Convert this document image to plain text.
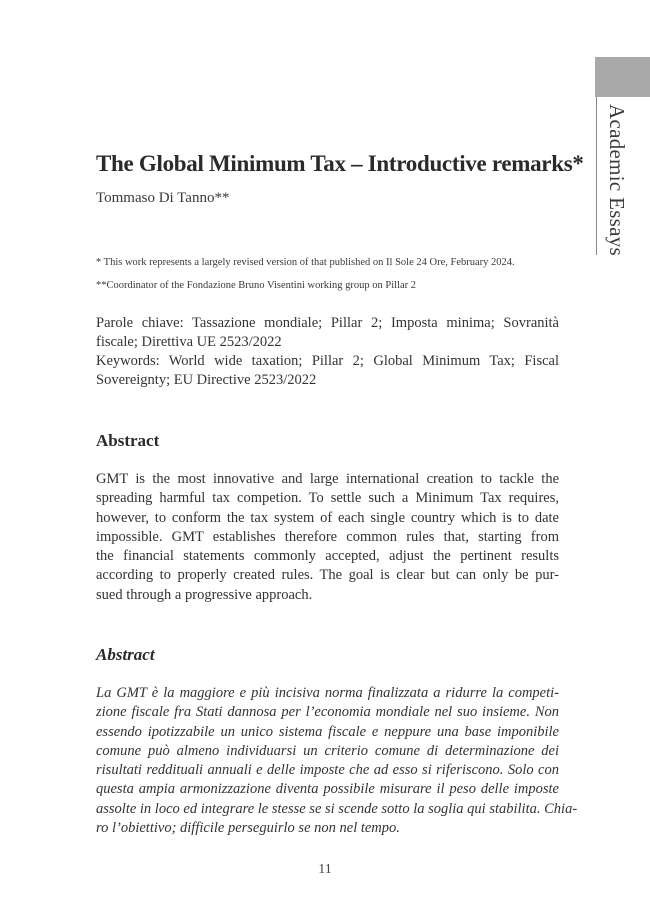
Academic Essays
The Global Minimum Tax – Introductive remarks*
Tommaso Di Tanno**
* This work represents a largely revised version of that published on Il Sole 24 Ore, February 2024.
**Coordinator of the Fondazione Bruno Visentini working group on Pillar 2

Parole chiave: Tassazione mondiale; Pillar 2; Imposta minima; Sovranità fiscale; Direttiva UE 2523/2022

Keywords: World wide taxation; Pillar 2; Global Minimum Tax; Fiscal Sovereignty; EU Directive 2523/2022

Abstract
GMT is the most innovative and large international creation to tackle the
spreading harmful tax competion. To settle such a Minimum Tax requires,
however, to conform the tax system of each single country which is to date
impossible. GMT establishes therefore common rules that, starting from
the financial statements commonly accepted, adjust the pertinent results
according to properly created rules. The goal is clear but can only be pur-
sued through a progressive approach.
Abstract
La GMT è la maggiore e più incisiva norma finalizzata a ridurre la competi-
zione fiscale fra Stati dannosa per l’economia mondiale nel suo insieme. Non
essendo ipotizzabile un unico sistema fiscale e neppure una base imponibile
comune può almeno individuarsi un criterio comune di determinazione dei
risultati reddituali annuali e delle imposte che ad esso si riferiscono. Solo con
questa ampia armonizzazione diventa possibile misurare il peso delle imposte
assolte in loco ed integrare le stesse se si scende sotto la soglia qui stabilita. Chia-
ro l’obiettivo; difficile perseguirlo se non nel tempo.
11
